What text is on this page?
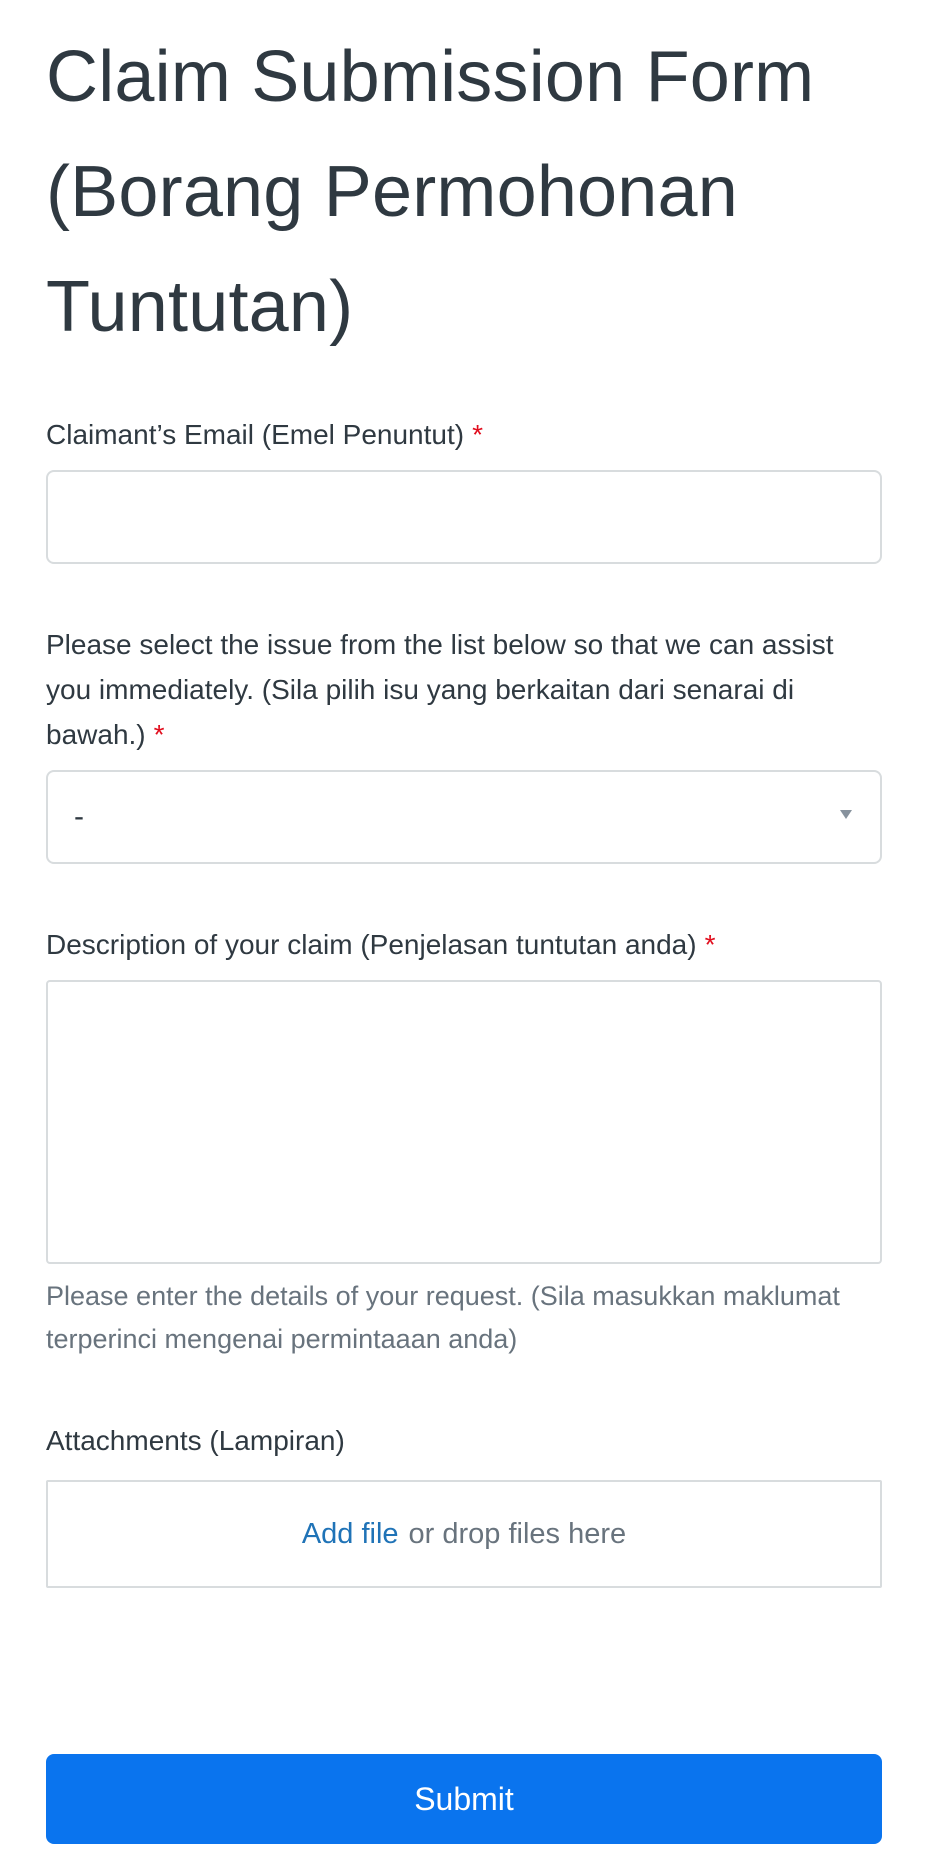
Claim Submission Form (Borang Permohonan Tuntutan)
Claimant’s Email (Emel Penuntut) *
Please select the issue from the list below so that we can assist you immediately. (Sila pilih isu yang berkaitan dari senarai di bawah.) *
-
Description of your claim (Penjelasan tuntutan anda) *
Please enter the details of your request. (Sila masukkan maklumat terperinci mengenai permintaaan anda)
Attachments (Lampiran)
Add file or drop files here
Submit
